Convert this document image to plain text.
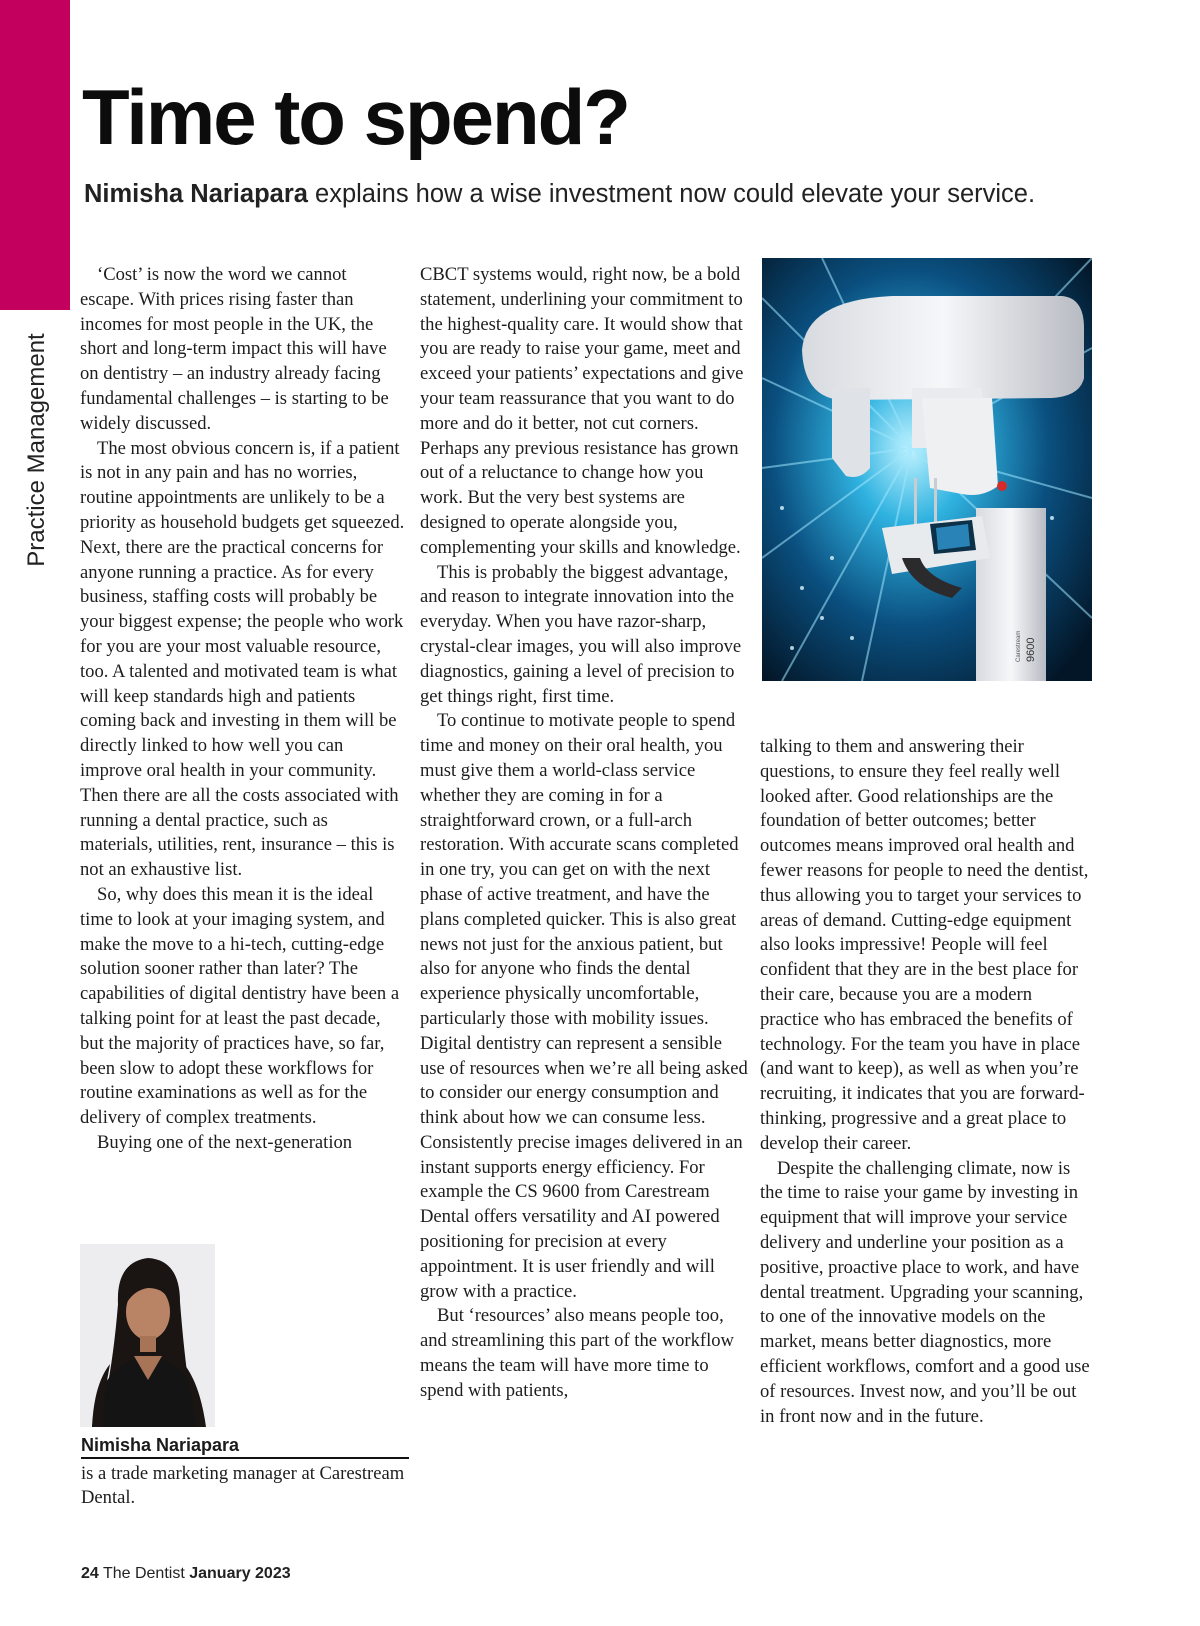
Practice Management
Time to spend?

Nimisha Nariapara explains how a wise investment now could elevate your service.

‘Cost’ is now the word we cannot escape. With prices rising faster than incomes for most people in the UK, the short and long-term impact this will have on dentistry – an industry already facing fundamental challenges – is starting to be widely discussed.

The most obvious concern is, if a patient is not in any pain and has no worries, routine appointments are unlikely to be a priority as household budgets get squeezed. Next, there are the practical concerns for anyone running a practice. As for every business, staffing costs will probably be your biggest expense; the people who work for you are your most valuable resource, too. A talented and motivated team is what will keep standards high and patients coming back and investing in them will be directly linked to how well you can improve oral health in your community. Then there are all the costs associated with running a dental practice, such as materials, utilities, rent, insurance – this is not an exhaustive list.

So, why does this mean it is the ideal time to look at your imaging system, and make the move to a hi-tech, cutting-edge solution sooner rather than later? The capabilities of digital dentistry have been a talking point for at least the past decade, but the majority of practices have, so far, been slow to adopt these workflows for routine examinations as well as for the delivery of complex treatments.

Buying one of the next-generation

CBCT systems would, right now, be a bold statement, underlining your commitment to the highest-quality care. It would show that you are ready to raise your game, meet and exceed your patients’ expectations and give your team reassurance that you want to do more and do it better, not cut corners. Perhaps any previous resistance has grown out of a reluctance to change how you work. But the very best systems are designed to operate alongside you, complementing your skills and knowledge.

This is probably the biggest advantage, and reason to integrate innovation into the everyday. When you have razor-sharp, crystal-clear images, you will also improve diagnostics, gaining a level of precision to get things right, first time.

To continue to motivate people to spend time and money on their oral health, you must give them a world-class service whether they are coming in for a straightforward crown, or a full-arch restoration. With accurate scans completed in one try, you can get on with the next phase of active treatment, and have the plans completed quicker. This is also great news not just for the anxious patient, but also for anyone who finds the dental experience physically uncomfortable, particularly those with mobility issues. Digital dentistry can represent a sensible use of resources when we’re all being asked to consider our energy consumption and think about how we can consume less. Consistently precise images delivered in an instant supports energy efficiency. For example the CS 9600 from Carestream Dental offers versatility and AI powered positioning for precision at every appointment. It is user friendly and will grow with a practice.

But ‘resources’ also means people too, and streamlining this part of the workflow means the team will have more time to spend with patients,

talking to them and answering their questions, to ensure they feel really well looked after. Good relationships are the foundation of better outcomes; better outcomes means improved oral health and fewer reasons for people to need the dentist, thus allowing you to target your services to areas of demand. Cutting-edge equipment also looks impressive! People will feel confident that they are in the best place for their care, because you are a modern practice who has embraced the benefits of technology. For the team you have in place (and want to keep), as well as when you’re recruiting, it indicates that you are forward-thinking, progressive and a great place to develop their career.

Despite the challenging climate, now is the time to raise your game by investing in equipment that will improve your service delivery and underline your position as a positive, proactive place to work, and have dental treatment. Upgrading your scanning, to one of the innovative models on the market, means better diagnostics, more efficient workflows, comfort and a good use of resources. Invest now, and you’ll be out in front now and in the future.

Nimisha Nariapara
is a trade marketing manager at Carestream Dental.
9600
Carestream
24 The Dentist January 2023
